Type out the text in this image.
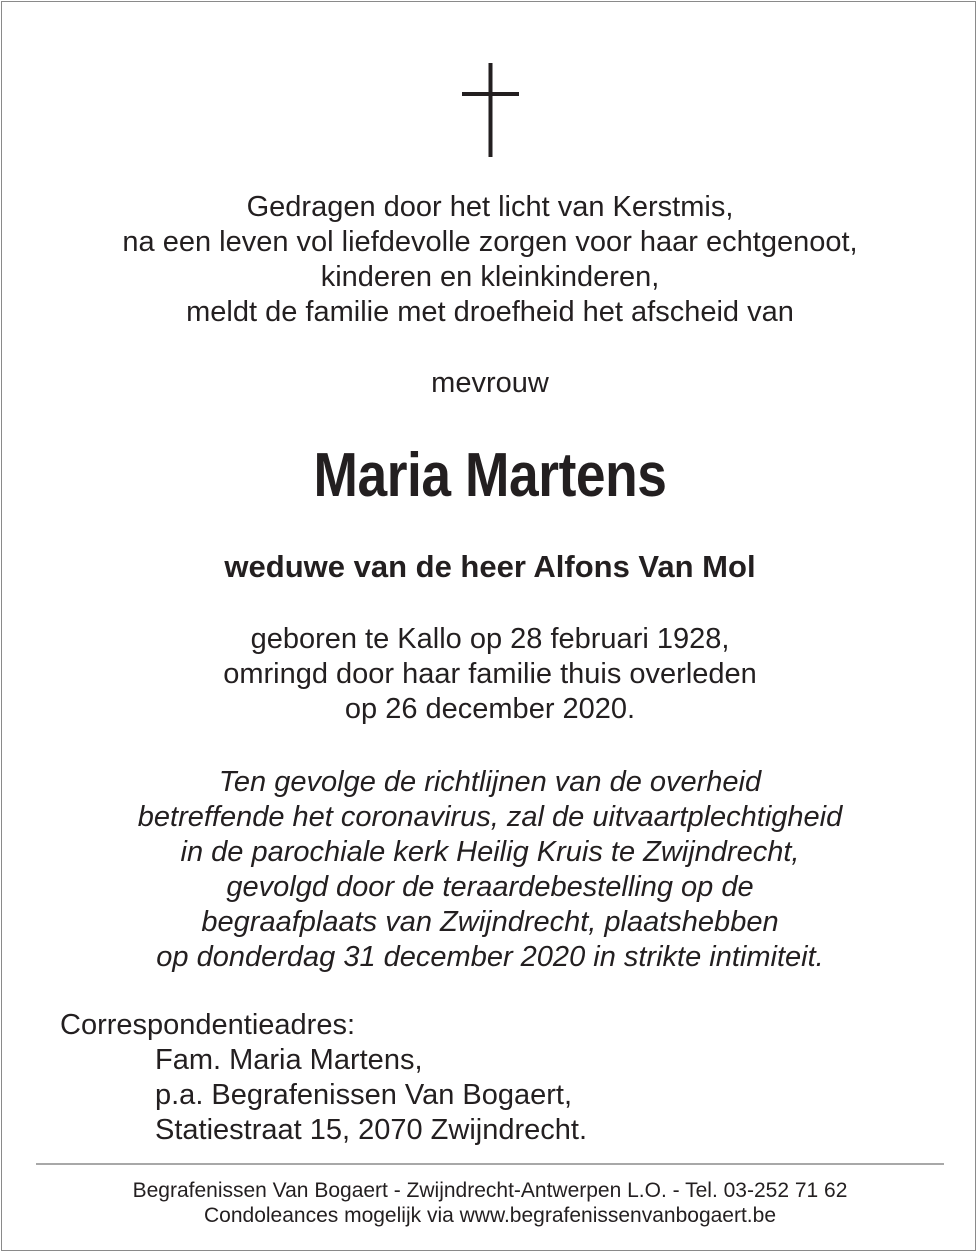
Gedragen door het licht van Kerstmis,
na een leven vol liefdevolle zorgen voor haar echtgenoot,
kinderen en kleinkinderen,
meldt de familie met droefheid het afscheid van
mevrouw
Maria Martens
weduwe van de heer Alfons Van Mol
geboren te Kallo op 28 februari 1928,
omringd door haar familie thuis overleden
op 26 december 2020.
Ten gevolge de richtlijnen van de overheid
betreffende het coronavirus, zal de uitvaartplechtigheid
in de parochiale kerk Heilig Kruis te Zwijndrecht,
gevolgd door de teraardebestelling op de
begraafplaats van Zwijndrecht, plaatshebben
op donderdag 31 december 2020 in strikte intimiteit.
Correspondentieadres:
Fam. Maria Martens,
p.a. Begrafenissen Van Bogaert,
Statiestraat 15, 2070 Zwijndrecht.
Begrafenissen Van Bogaert - Zwijndrecht-Antwerpen L.O. - Tel. 03-252 71 62
Condoleances mogelijk via www.begrafenissenvanbogaert.be
